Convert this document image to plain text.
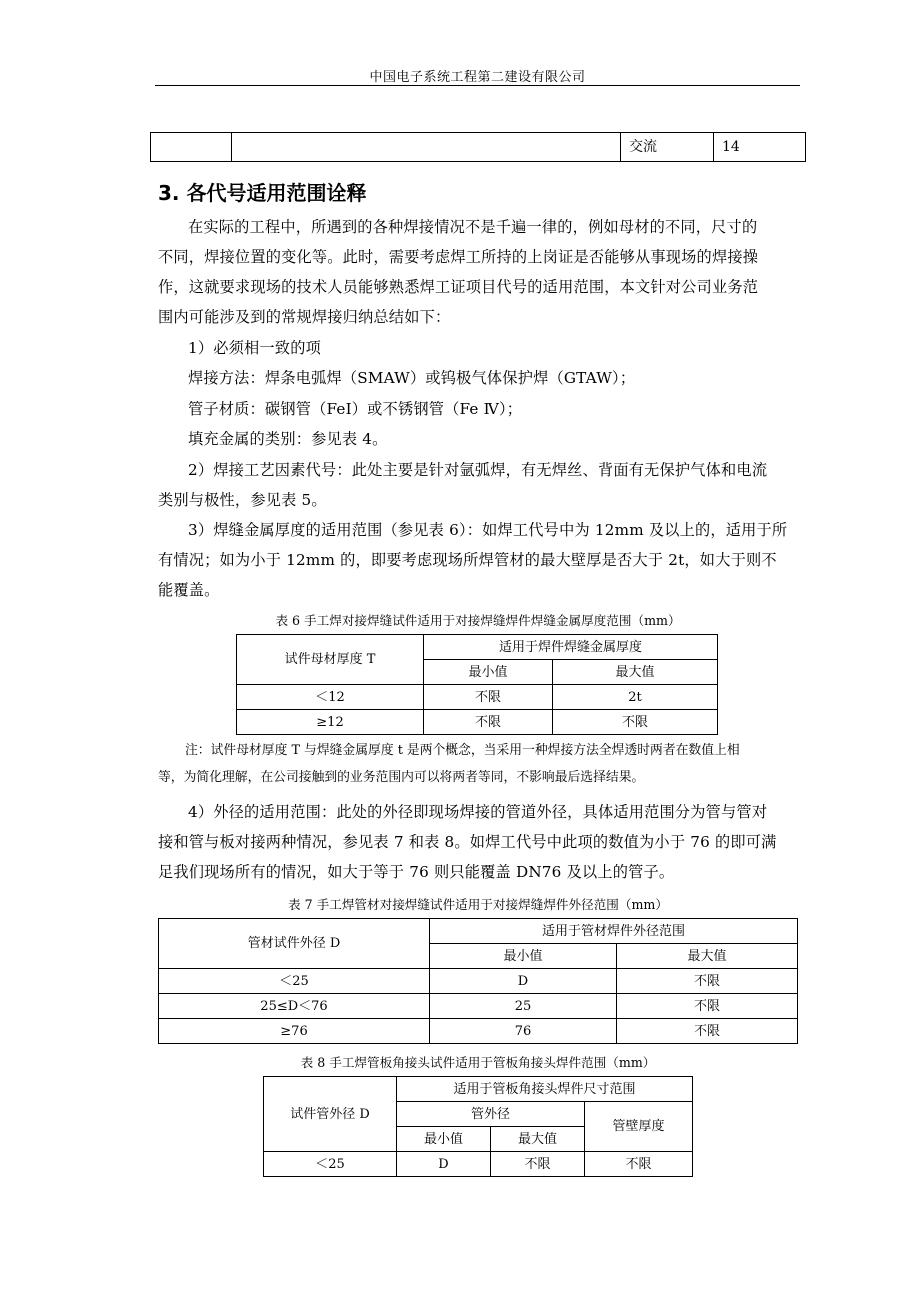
中国电子系统工程第二建设有限公司
		交流	14
3. 各代号适用范围诠释
在实际的工程中，所遇到的各种焊接情况不是千遍一律的，例如母材的不同，尺寸的
不同，焊接位置的变化等。此时，需要考虑焊工所持的上岗证是否能够从事现场的焊接操
作，这就要求现场的技术人员能够熟悉焊工证项目代号的适用范围，本文针对公司业务范
围内可能涉及到的常规焊接归纳总结如下：
1）必须相一致的项
焊接方法：焊条电弧焊（SMAW）或钨极气体保护焊（GTAW）；
管子材质：碳钢管（FeⅠ）或不锈钢管（Fe Ⅳ）；
填充金属的类别：参见表 4。
2）焊接工艺因素代号：此处主要是针对氩弧焊，有无焊丝、背面有无保护气体和电流
类别与极性，参见表 5。
3）焊缝金属厚度的适用范围（参见表 6）：如焊工代号中为 12mm 及以上的，适用于所
有情况；如为小于 12mm 的，即要考虑现场所焊管材的最大壁厚是否大于 2t，如大于则不
能覆盖。
表 6 手工焊对接焊缝试件适用于对接焊缝焊件焊缝金属厚度范围（mm）
试件母材厚度 T	适用于焊件焊缝金属厚度	
	最小值	最大值
＜12	不限	2t
≥12	不限	不限
注：试件母材厚度 T 与焊缝金属厚度 t 是两个概念，当采用一种焊接方法全焊透时两者在数值上相
等，为简化理解，在公司接触到的业务范围内可以将两者等同，不影响最后选择结果。
4）外径的适用范围：此处的外径即现场焊接的管道外径，具体适用范围分为管与管对
接和管与板对接两种情况，参见表 7 和表 8。如焊工代号中此项的数值为小于 76 的即可满
足我们现场所有的情况，如大于等于 76 则只能覆盖 DN76 及以上的管子。
表 7 手工焊管材对接焊缝试件适用于对接焊缝焊件外径范围（mm）
管材试件外径 D	适用于管材焊件外径范围	
	最小值	最大值
＜25	D	不限
25≤D＜76	25	不限
≥76	76	不限
表 8 手工焊管板角接头试件适用于管板角接头焊件范围（mm）
试件管外径 D	适用于管板角接头焊件尺寸范围		
	管外径		管壁厚度
	最小值	最大值	
＜25	D	不限	不限
